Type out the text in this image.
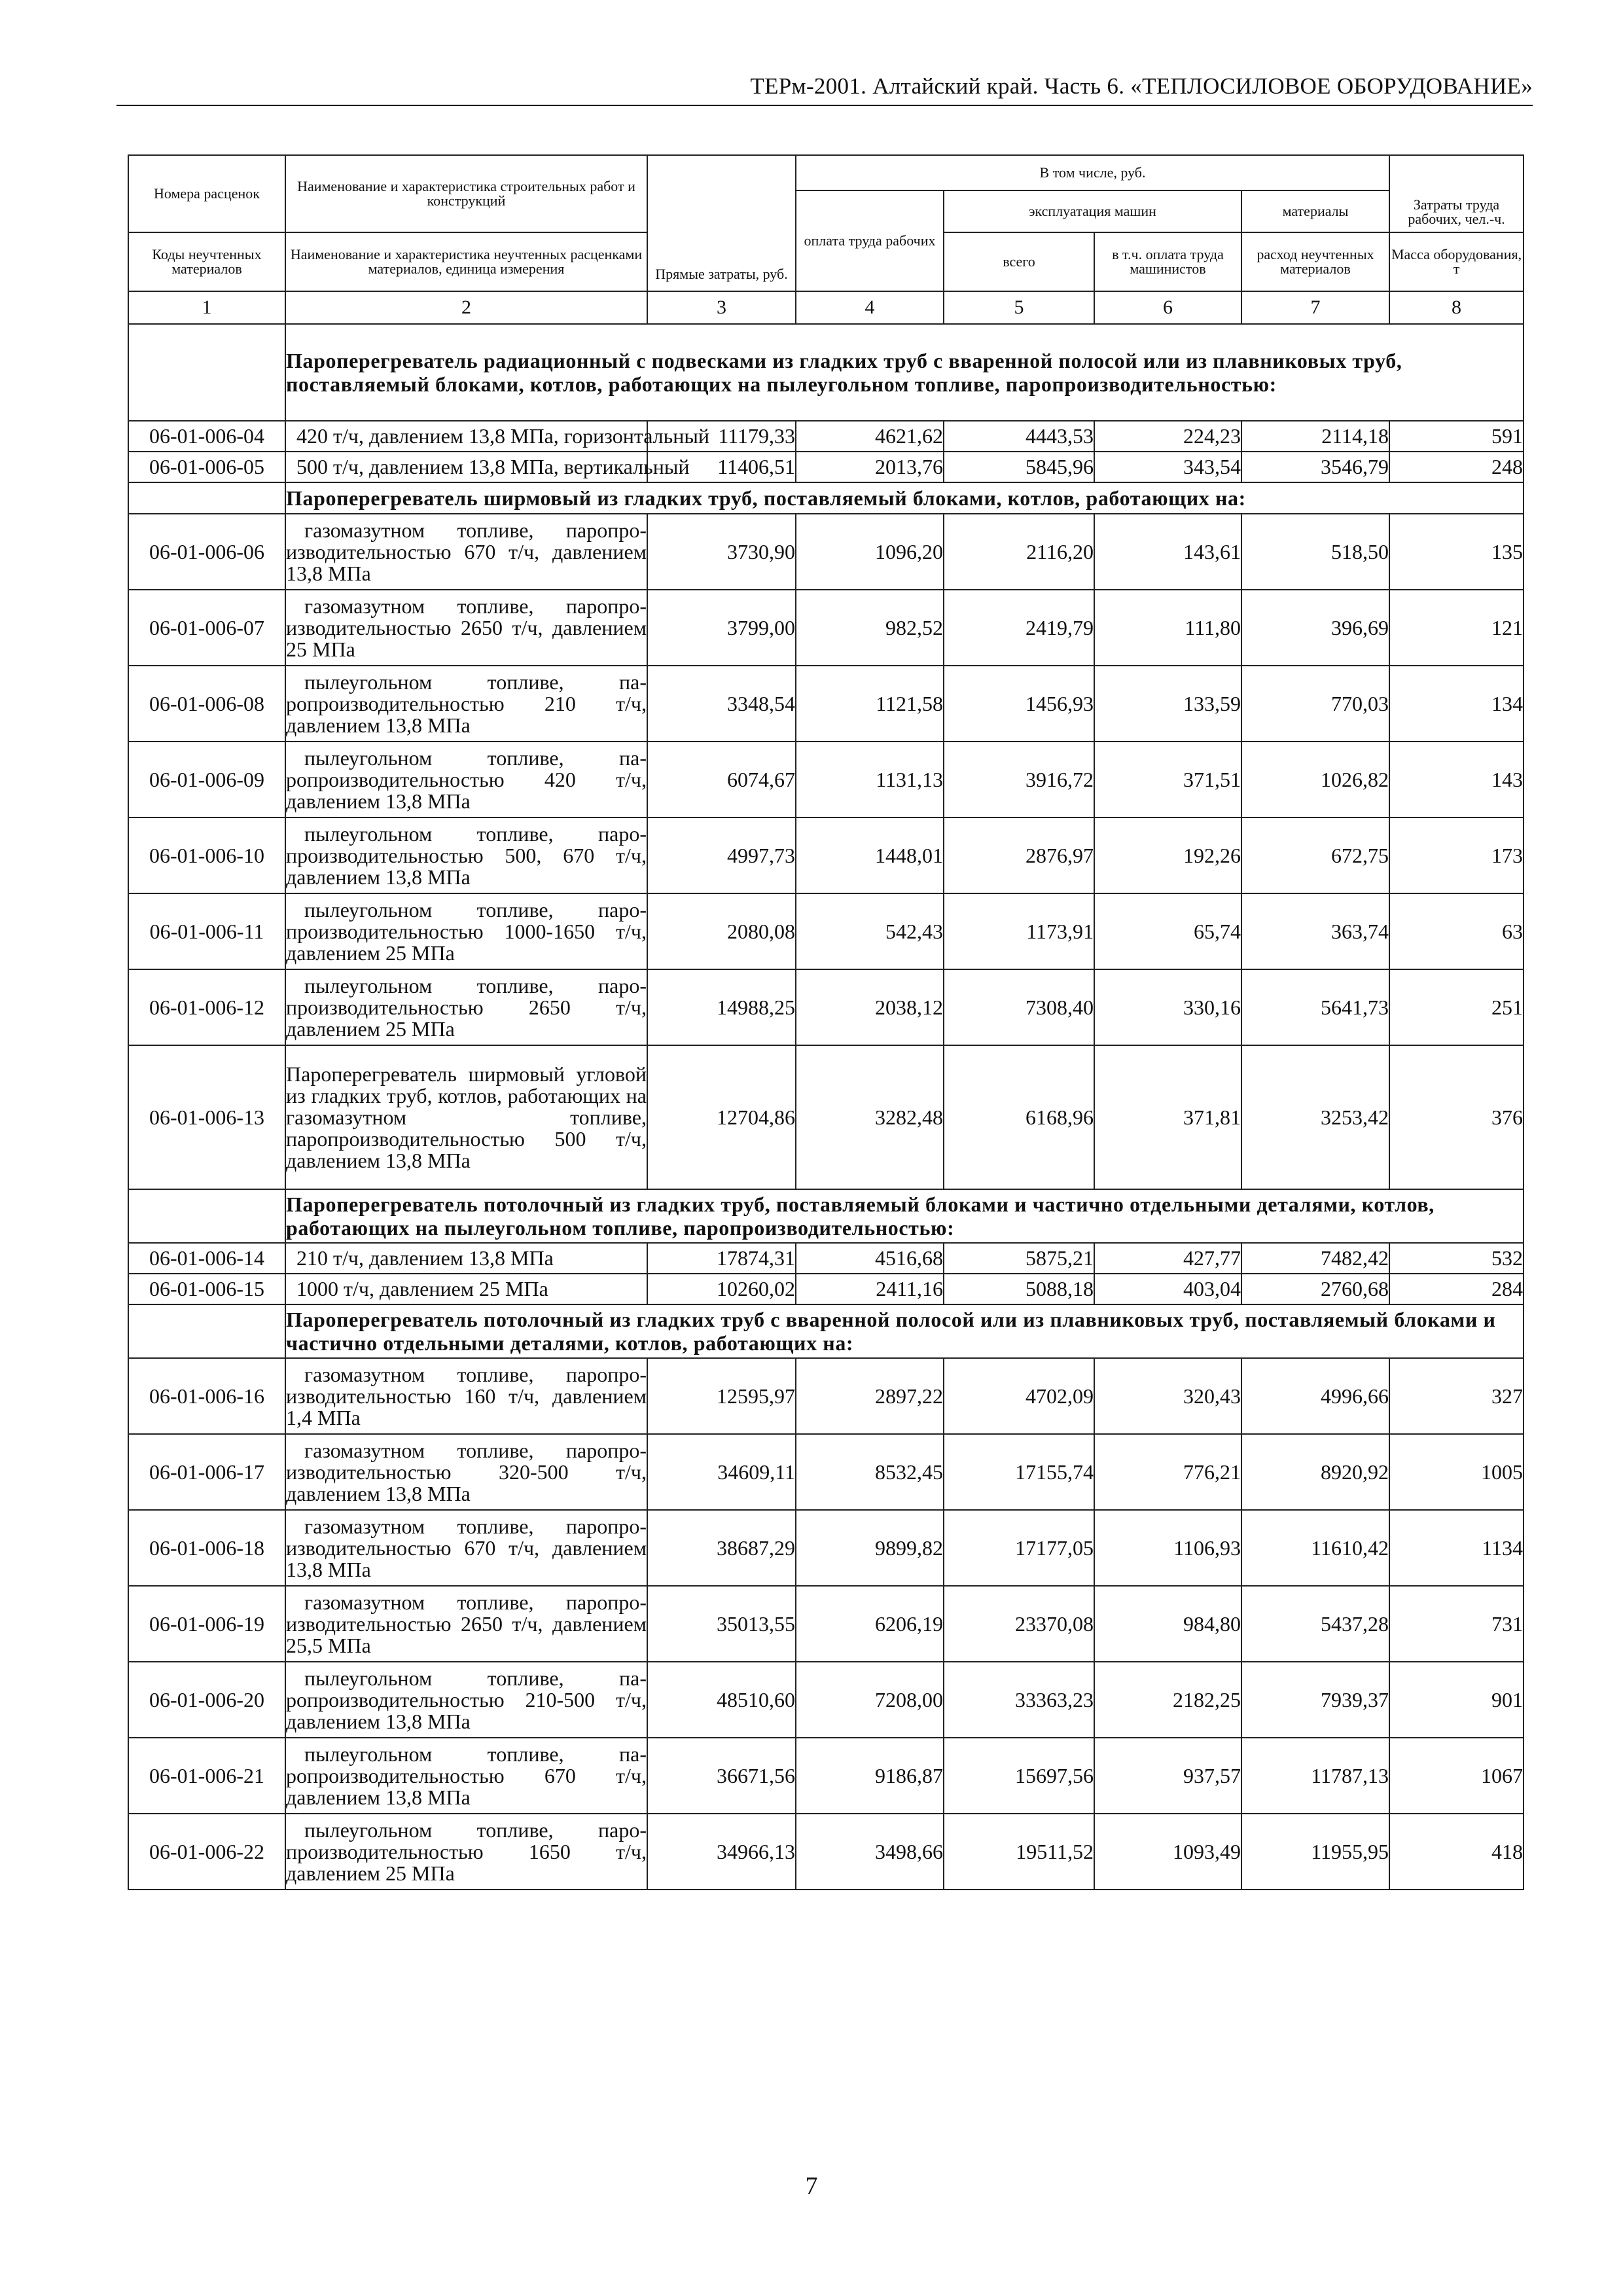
ТЕРм-2001. Алтайский край. Часть 6. «ТЕПЛОСИЛОВОЕ ОБОРУДОВАНИЕ»
Номера расценок	Наименование и характеристика строительных работ и конструкций	Прямые затраты, руб.	В том числе, руб.				Затраты труда рабочих, чел.-ч.
			оплата труда рабочих	эксплуатация машин		материалы	
Коды неучтенных материалов	Наименование и характеристика неучтенных расценками материалов, единица измерения			всего	в т.ч. оплата труда машинистов	расход неучтенных материалов	Масса оборудования, т

1	2	3	4	5	6	7	8
	Пароперегреватель радиационный с подвесками из гладких труб с вваренной полосой или из плавниковых труб, поставляемый блоками, котлов, работающих на пылеугольном топливе, паропроизводительностью:						
06-01-006-04	420 т/ч, давлением 13,8 МПа, горизонтальный	11179,33	4621,62	4443,53	224,23	2114,18	591
06-01-006-05	500 т/ч, давлением 13,8 МПа, вертикальный	11406,51	2013,76	5845,96	343,54	3546,79	248
	Пароперегреватель ширмовый из гладких труб, поставляемый блоками, котлов, работающих на:						
06-01-006-06	газомазутном топливе, паропроизводительностью 670 т/ч, давлением 13,8 МПа	3730,90	1096,20	2116,20	143,61	518,50	135
06-01-006-07	газомазутном топливе, паропроизводительностью 2650 т/ч, давлением 25 МПа	3799,00	982,52	2419,79	111,80	396,69	121
06-01-006-08	пылеугольном топливе, паропроизводительностью 210 т/ч, давлением 13,8 МПа	3348,54	1121,58	1456,93	133,59	770,03	134
06-01-006-09	пылеугольном топливе, паропроизводительностью 420 т/ч, давлением 13,8 МПа	6074,67	1131,13	3916,72	371,51	1026,82	143
06-01-006-10	пылеугольном топливе, паропроизводительностью 500, 670 т/ч, давлением 13,8 МПа	4997,73	1448,01	2876,97	192,26	672,75	173
06-01-006-11	пылеугольном топливе, паропроизводительностью 1000-1650 т/ч, давлением 25 МПа	2080,08	542,43	1173,91	65,74	363,74	63
06-01-006-12	пылеугольном топливе, паропроизводительностью 2650 т/ч, давлением 25 МПа	14988,25	2038,12	7308,40	330,16	5641,73	251
06-01-006-13	Пароперегреватель ширмовый угловой из гладких труб, котлов, работающих на газомазутном топливе, паропроизводительностью 500 т/ч, давлением 13,8 МПа	12704,86	3282,48	6168,96	371,81	3253,42	376
	Пароперегреватель потолочный из гладких труб, поставляемый блоками и частично отдельными деталями, котлов, работающих на пылеугольном топливе, паропроизводительностью:						
06-01-006-14	210 т/ч, давлением 13,8 МПа	17874,31	4516,68	5875,21	427,77	7482,42	532
06-01-006-15	1000 т/ч, давлением 25 МПа	10260,02	2411,16	5088,18	403,04	2760,68	284
	Пароперегреватель потолочный из гладких труб с вваренной полосой или из плавниковых труб, поставляемый блоками и частично отдельными деталями, котлов, работающих на:						
06-01-006-16	газомазутном топливе, паропроизводительностью 160 т/ч, давлением 1,4 МПа	12595,97	2897,22	4702,09	320,43	4996,66	327
06-01-006-17	газомазутном топливе, паропроизводительностью 320-500 т/ч, давлением 13,8 МПа	34609,11	8532,45	17155,74	776,21	8920,92	1005
06-01-006-18	газомазутном топливе, паропроизводительностью 670 т/ч, давлением 13,8 МПа	38687,29	9899,82	17177,05	1106,93	11610,42	1134
06-01-006-19	газомазутном топливе, паропроизводительностью 2650 т/ч, давлением 25,5 МПа	35013,55	6206,19	23370,08	984,80	5437,28	731
06-01-006-20	пылеугольном топливе, паропроизводительностью 210-500 т/ч, давлением 13,8 МПа	48510,60	7208,00	33363,23	2182,25	7939,37	901
06-01-006-21	пылеугольном топливе, паропроизводительностью 670 т/ч, давлением 13,8 МПа	36671,56	9186,87	15697,56	937,57	11787,13	1067
06-01-006-22	пылеугольном топливе, паропроизводительностью 1650 т/ч, давлением 25 МПа	34966,13	3498,66	19511,52	1093,49	11955,95	418
7
